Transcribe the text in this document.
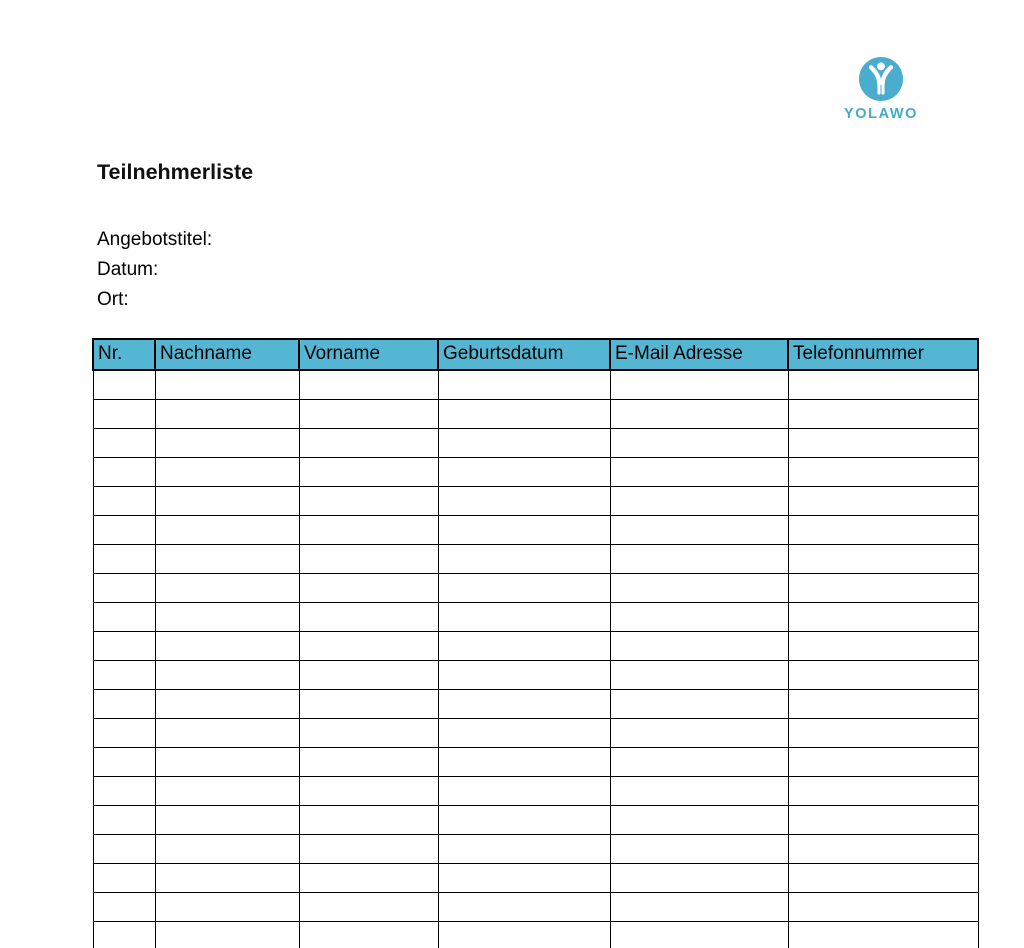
YOLAWO
Teilnehmerliste
Angebotstitel:
Datum:
Ort:
Nr.	Nachname	Vorname	Geburtsdatum	E-Mail Adresse	Telefonnummer
